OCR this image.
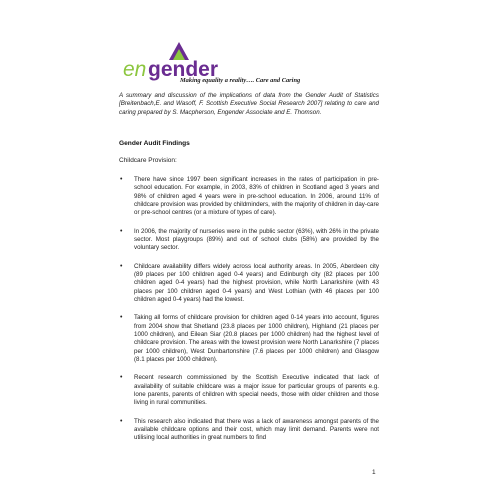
en gender
Making equality a reality…. Care and Caring

A summary and discussion of the implications of data from the Gender Audit of Statistics [Breitenbach,E. and Wasoff, F. Scottish Executive Social Research 2007] relating to care and caring prepared by S. Macpherson, Engender Associate and E. Thomson.

Gender Audit Findings

Childcare Provision:

• There have since 1997 been significant increases in the rates of participation in pre-school education. For example, in 2003, 83% of children in Scotland aged 3 years and 98% of children aged 4 years were in pre-school education. In 2006, around 11% of childcare provision was provided by childminders, with the majority of children in day-care or pre-school centres (or a mixture of types of care).
• In 2006, the majority of nurseries were in the public sector (63%), with 26% in the private sector. Most playgroups (89%) and out of school clubs (58%) are provided by the voluntary sector.
• Childcare availability differs widely across local authority areas. In 2005, Aberdeen city (89 places per 100 children aged 0-4 years) and Edinburgh city (82 places per 100 children aged 0-4 years) had the highest provision, while North Lanarkshire (with 43 places per 100 children aged 0-4 years) and West Lothian (with 46 places per 100 children aged 0-4 years) had the lowest.
• Taking all forms of childcare provision for children aged 0-14 years into account, figures from 2004 show that Shetland (23.8 places per 1000 children), Highland (21 places per 1000 children), and Eilean Siar (20.8 places per 1000 children) had the highest level of childcare provision. The areas with the lowest provision were North Lanarkshire (7 places per 1000 children), West Dunbartonshire (7.6 places per 1000 children) and Glasgow (8.1 places per 1000 children).
• Recent research commissioned by the Scottish Executive indicated that lack of availability of suitable childcare was a major issue for particular groups of parents e.g. lone parents, parents of children with special needs, those with older children and those living in rural communities.
• This research also indicated that there was a lack of awareness amongst parents of the available childcare options and their cost, which may limit demand. Parents were not utilising local authorities in great numbers to find
1
